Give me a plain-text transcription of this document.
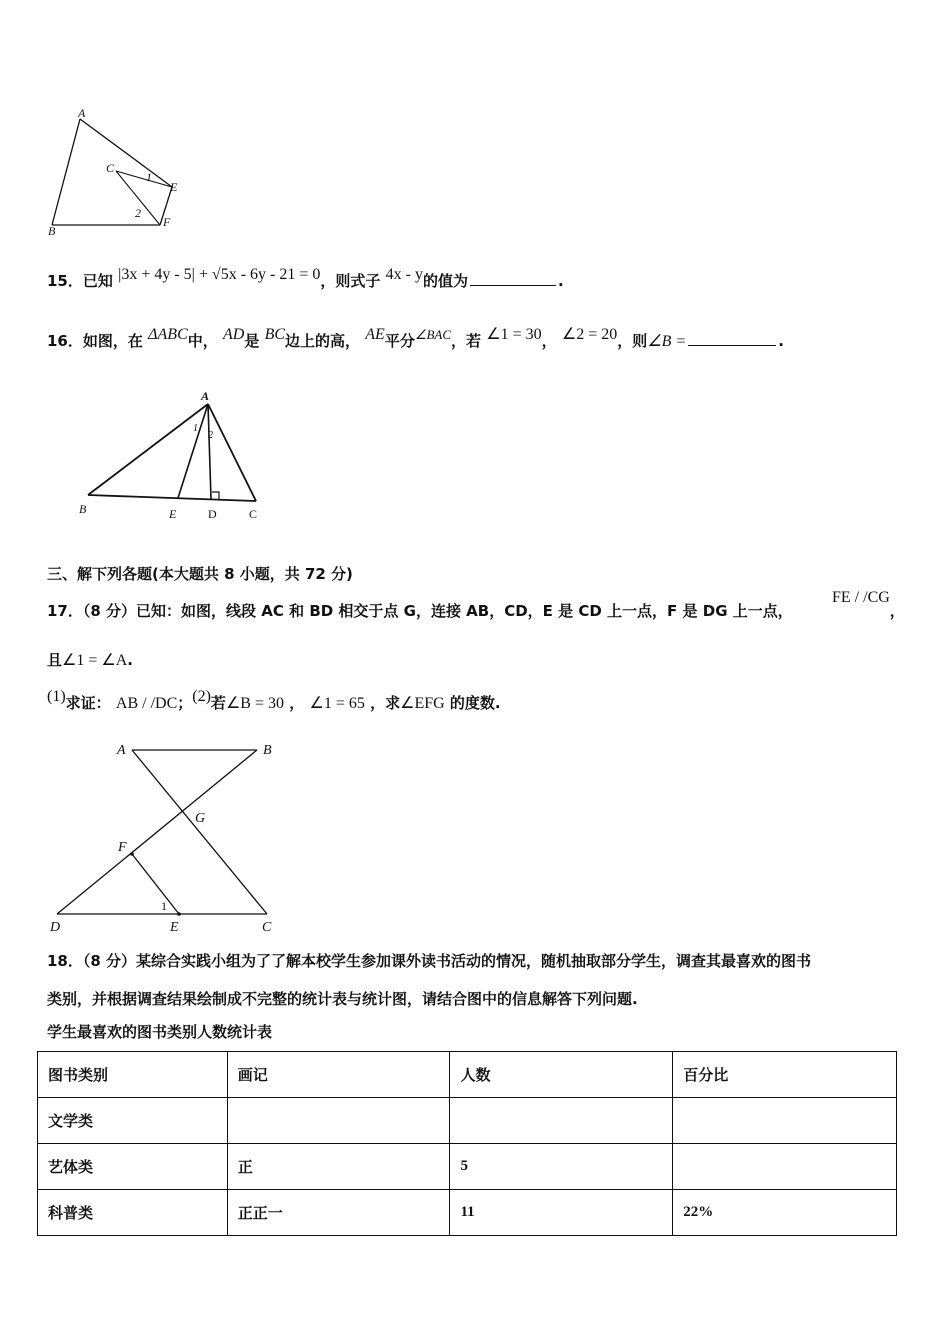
A
C
1
E
2
F
B
15．已知 |3x + 4y - 5| + √5x - 6y - 21 = 0，则式子 4x - y的值为	.
16．如图，在 ΔABC中， AD是 BC边上的高， AE平分∠BAC，若 ∠1 = 30， ∠2 = 20，则∠B =	.
A
1
2
B	E	D	C
三、解下列各题(本大题共 8 小题，共 72 分)
17．（8 分）已知：如图，线段 AC 和 BD 相交于点 G，连接 AB，CD，E 是 CD 上一点，F 是 DG 上一点，
FE / /CG，
且∠1 = ∠A.
(1)求证： AB / /DC；(2)若∠B = 30 ， ∠1 = 65 ，求∠EFG 的度数.
A	B
G
F
1
D	E	C
18．（8 分）某综合实践小组为了了解本校学生参加课外读书活动的情况，随机抽取部分学生，调查其最喜欢的图书
类别，并根据调查结果绘制成不完整的统计表与统计图，请结合图中的信息解答下列问题.
学生最喜欢的图书类别人数统计表
图书类别	画记	人数	百分比
文学类			
艺体类	正	5	
科普类	正正一	11	22%
